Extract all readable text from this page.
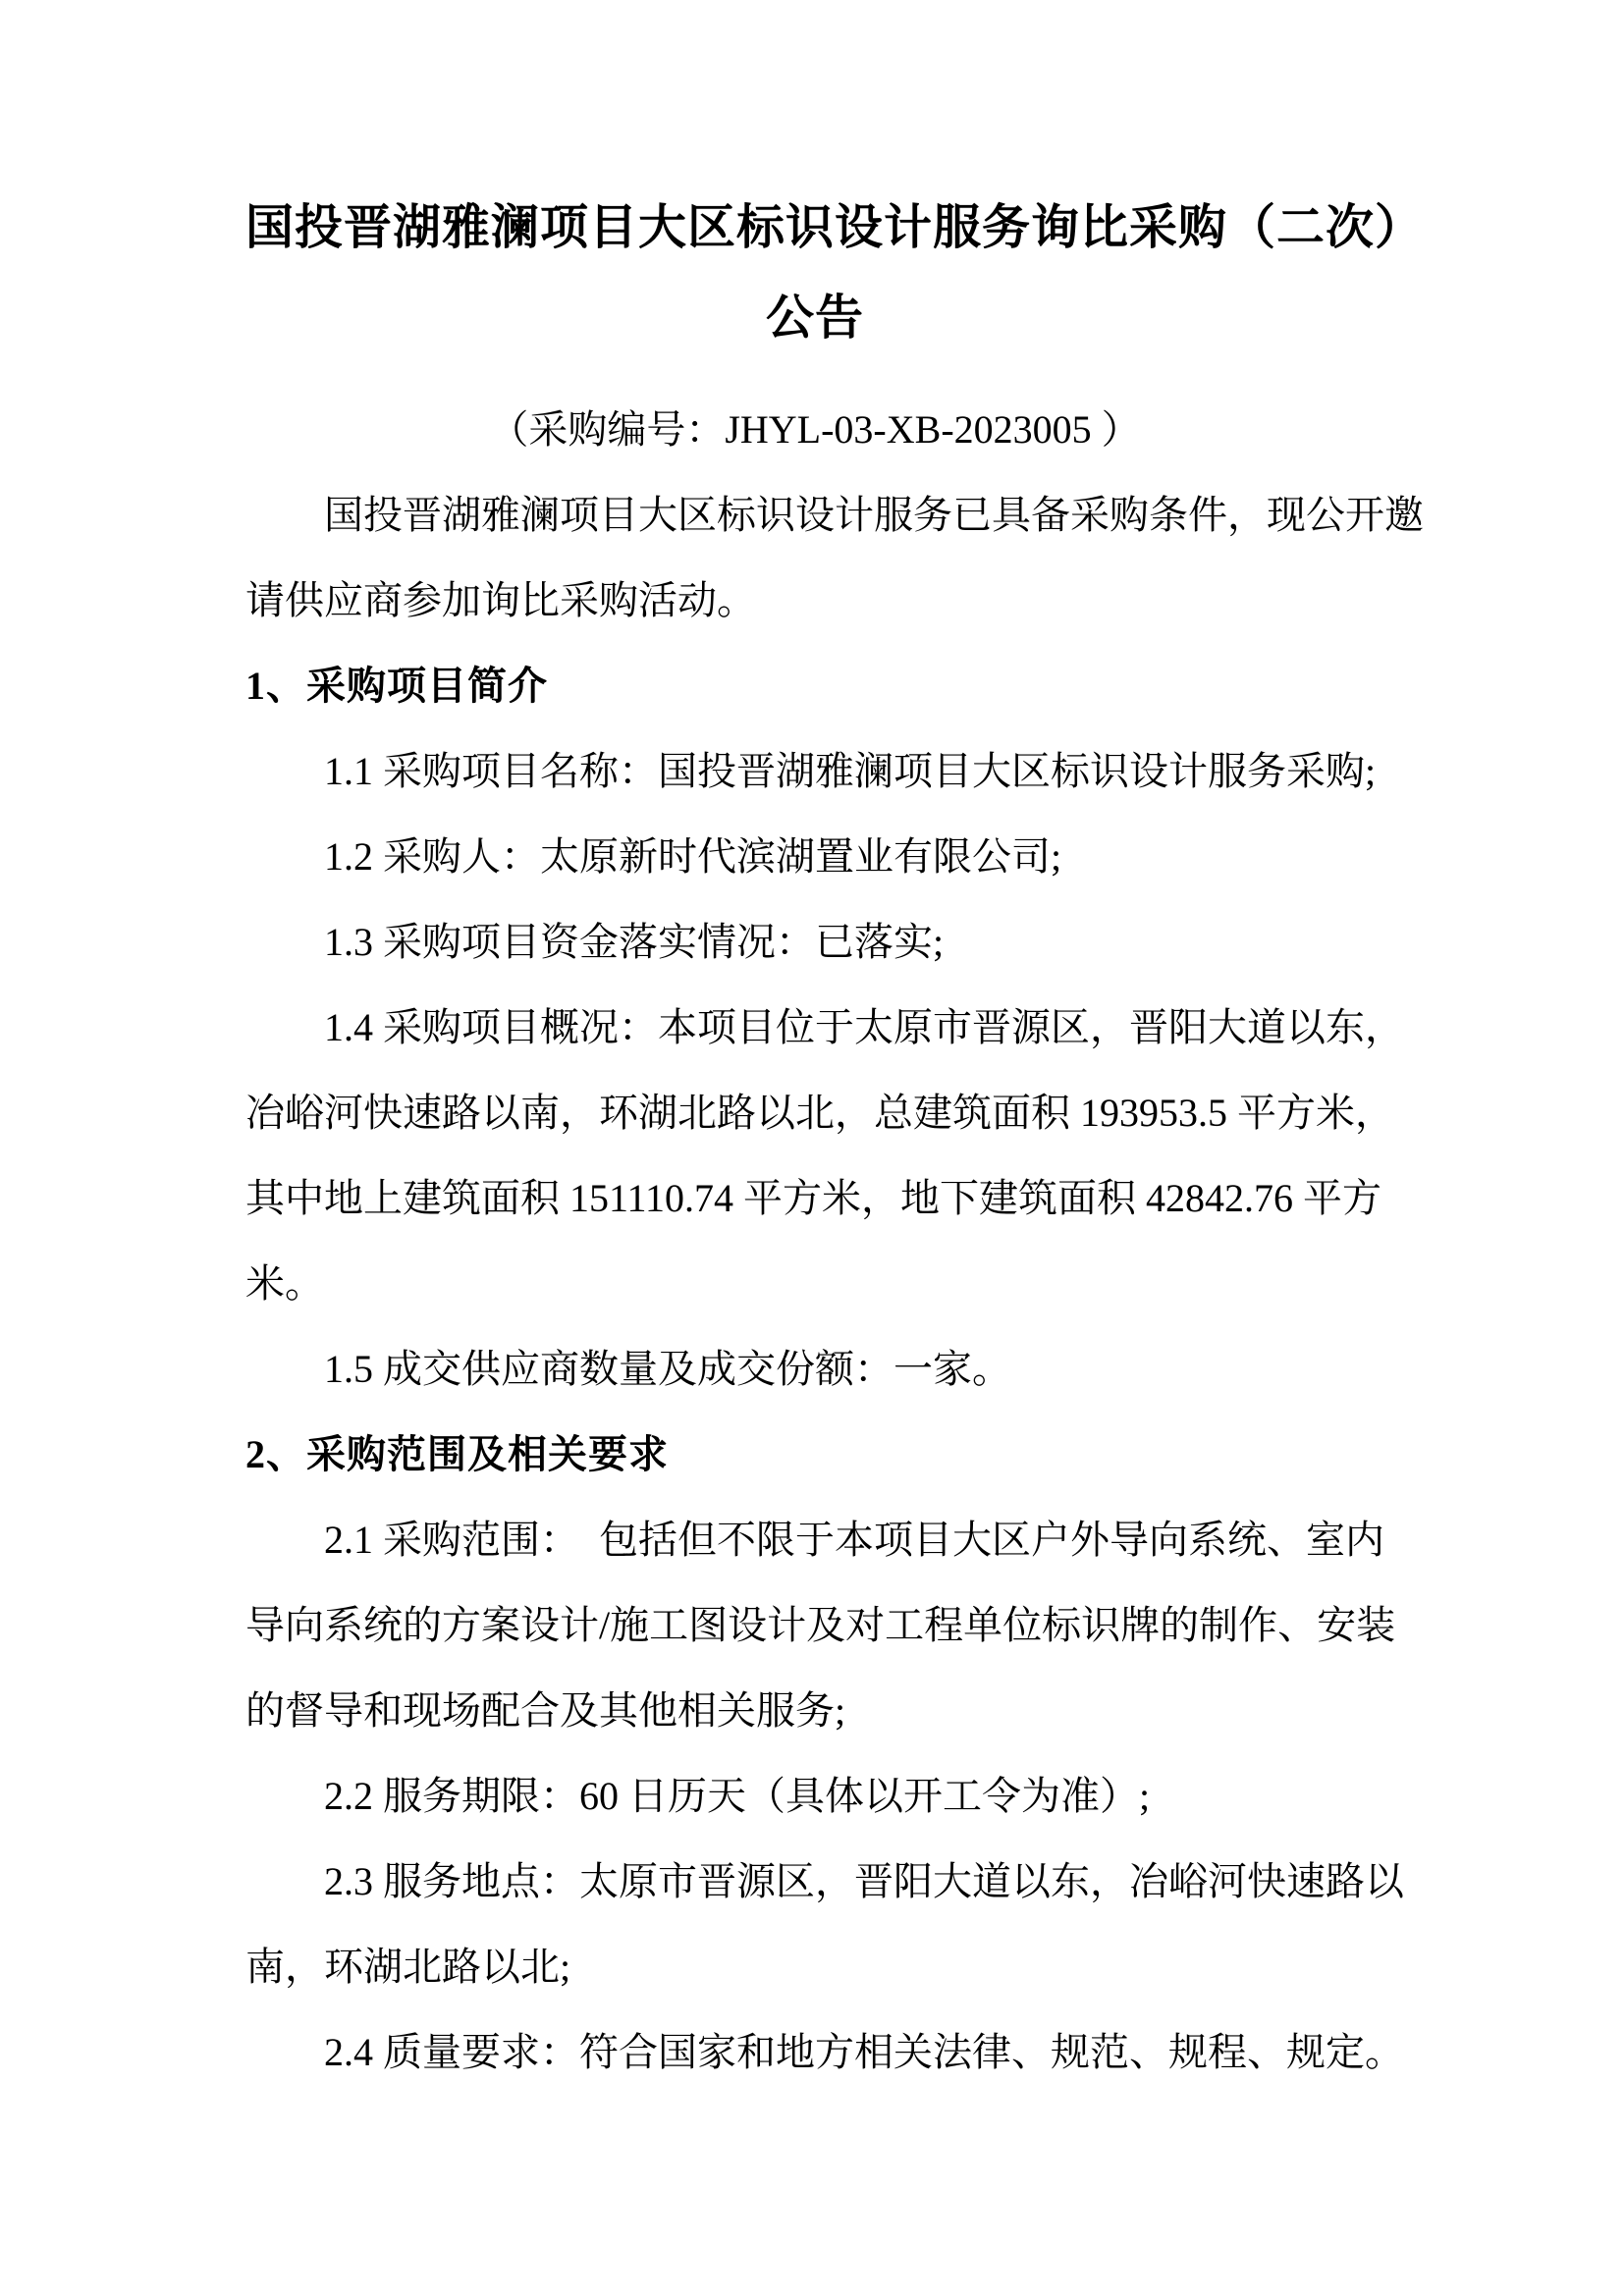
国投晋湖雅澜项目大区标识设计服务询比采购（二次）
公告
（采购编号：JHYL-03-XB-2023005 ）

国投晋湖雅澜项目大区标识设计服务已具备采购条件，现公开邀

请供应商参加询比采购活动。

1、采购项目简介

1.1 采购项目名称：国投晋湖雅澜项目大区标识设计服务采购;

1.2 采购人：太原新时代滨湖置业有限公司;

1.3 采购项目资金落实情况：已落实;

1.4 采购项目概况：本项目位于太原市晋源区，晋阳大道以东，

冶峪河快速路以南，环湖北路以北，总建筑面积 193953.5 平方米，

其中地上建筑面积 151110.74 平方米，地下建筑面积 42842.76 平方

米。

1.5 成交供应商数量及成交份额：一家。

2、采购范围及相关要求

2.1 采购范围：　包括但不限于本项目大区户外导向系统、室内

导向系统的方案设计/施工图设计及对工程单位标识牌的制作、安装

的督导和现场配合及其他相关服务;

2.2 服务期限：60 日历天（具体以开工令为准）;

2.3 服务地点：太原市晋源区，晋阳大道以东，冶峪河快速路以

南，环湖北路以北;

2.4 质量要求：符合国家和地方相关法律、规范、规程、规定。
